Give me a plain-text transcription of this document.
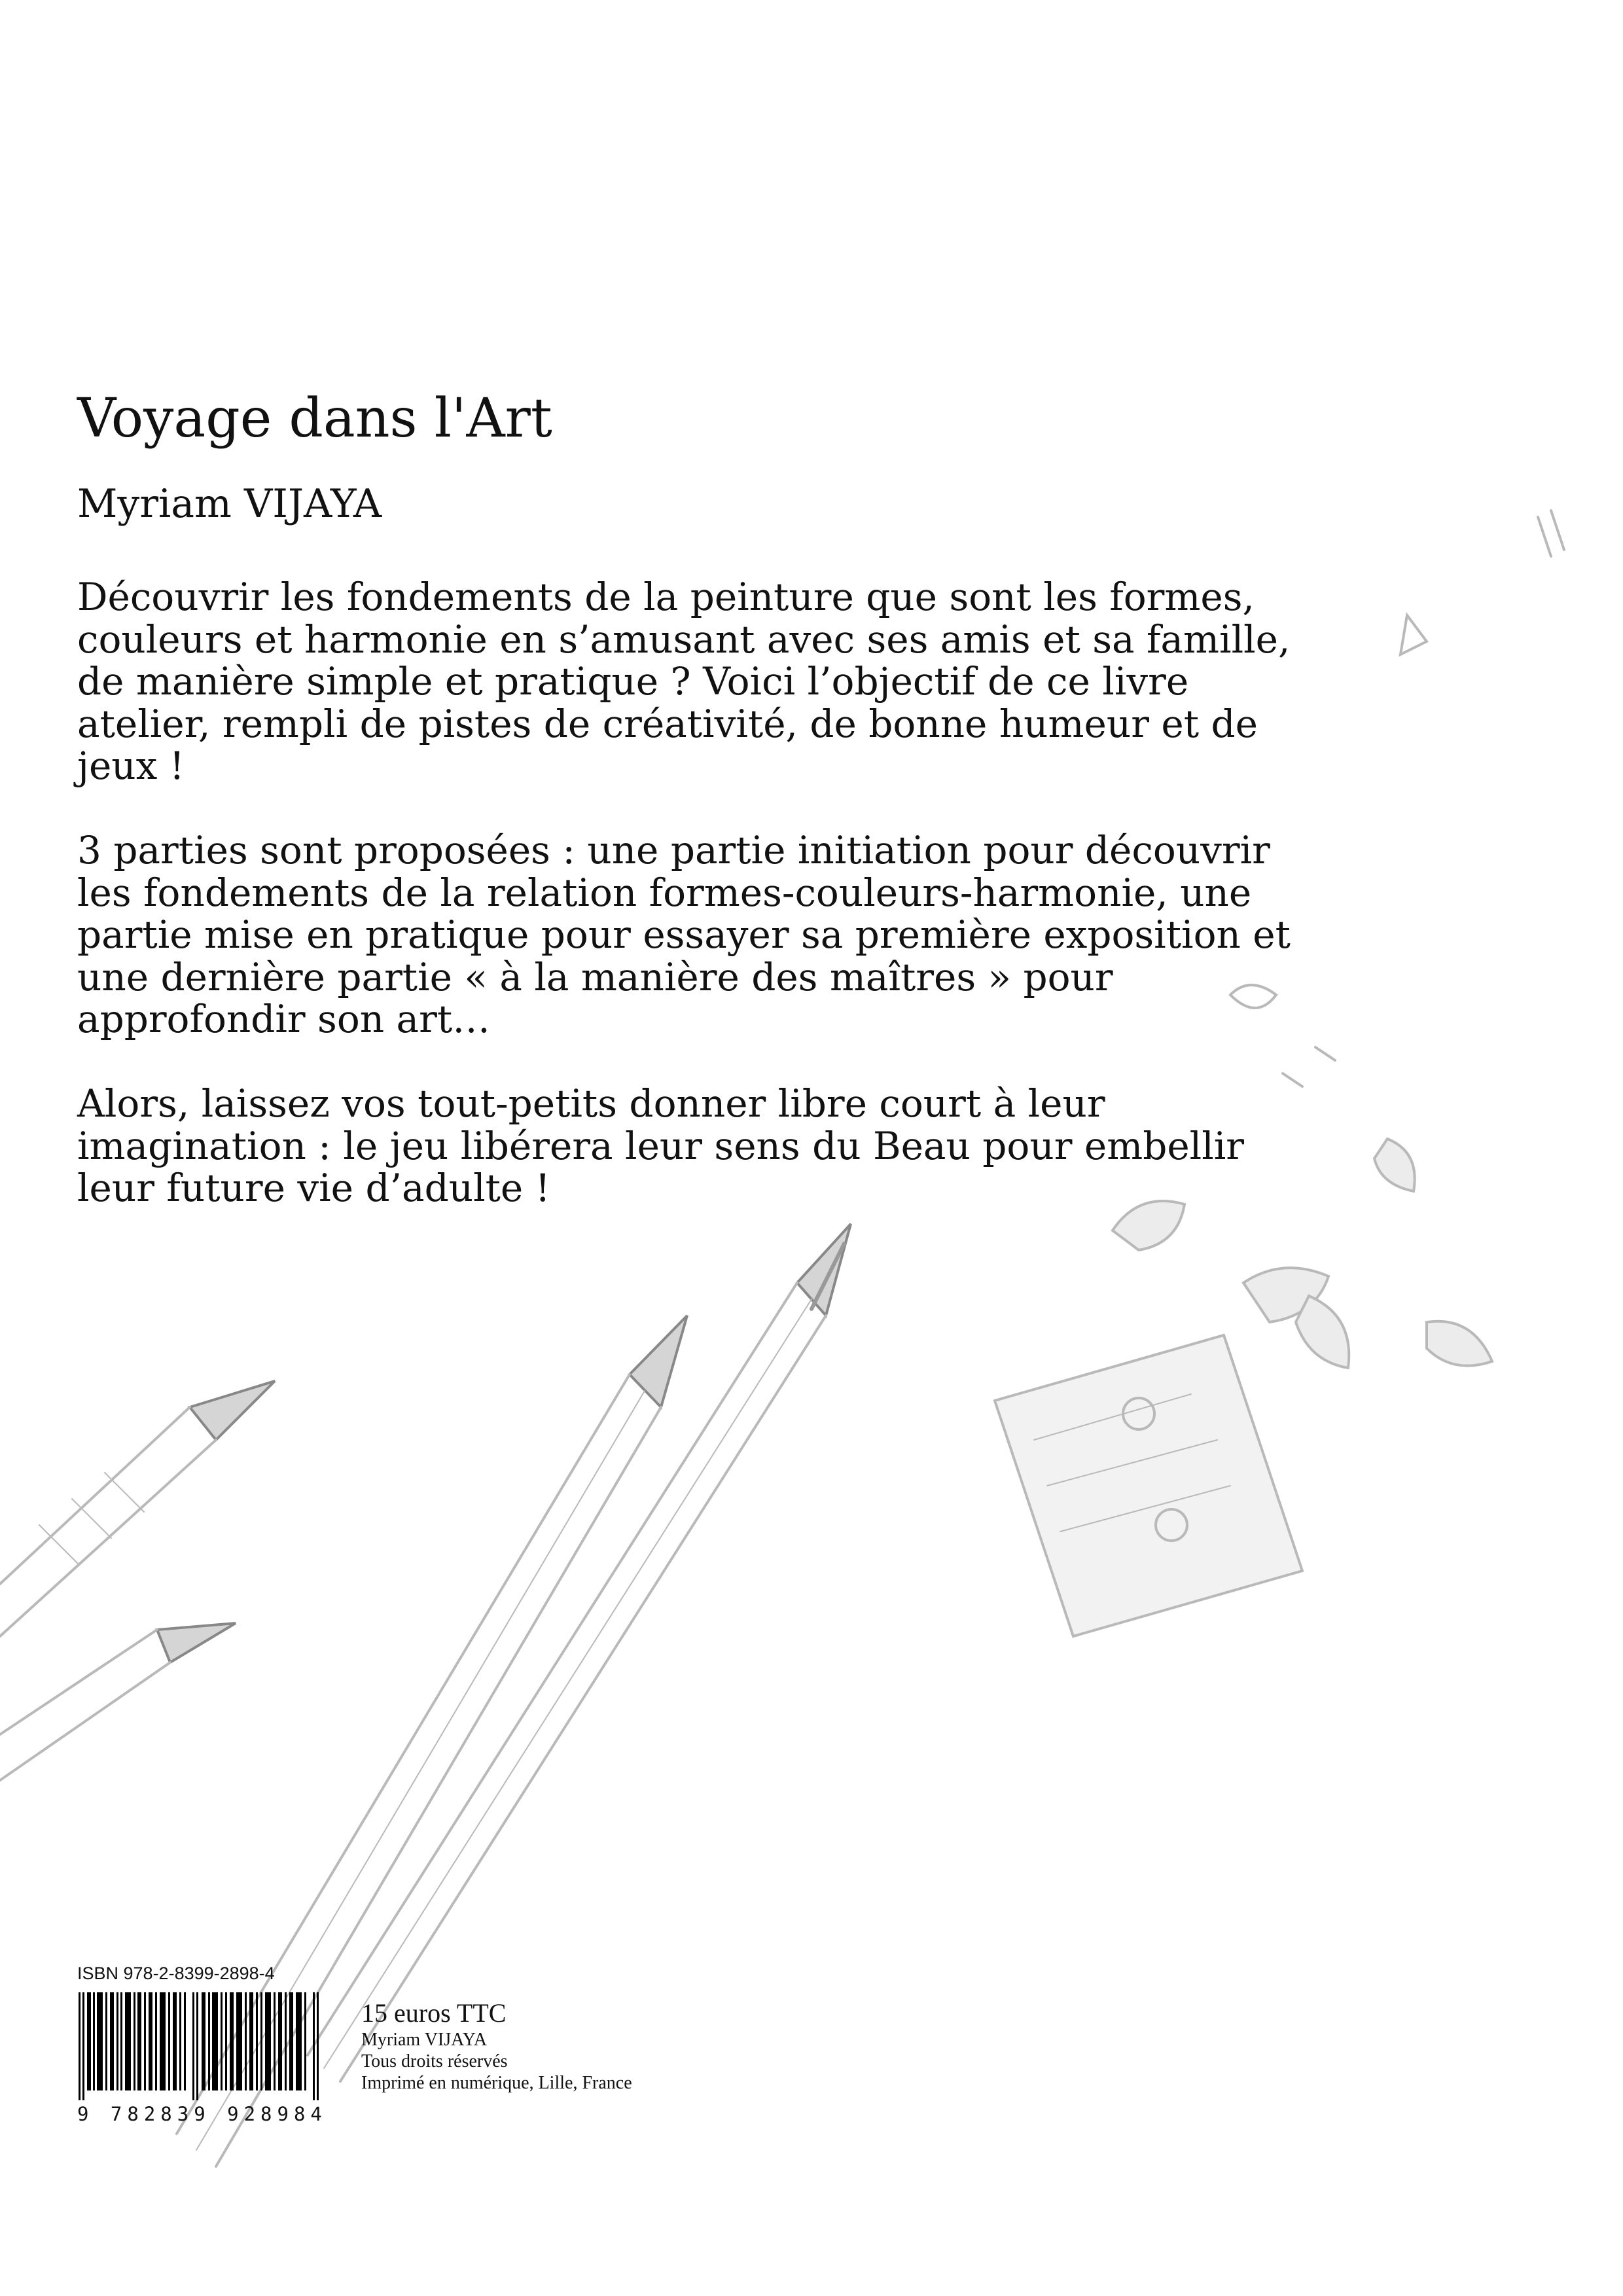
Voyage dans l'Art
Myriam VIJAYA

Découvrir les fondements de la peinture que sont les formes, couleurs et harmonie en s’amusant avec ses amis et sa famille, de manière simple et pratique ? Voici l’objectif de ce livre atelier, rempli de pistes de créativité, de bonne humeur et de jeux !

3 parties sont proposées : une partie initiation pour découvrir les fondements de la relation formes-couleurs-harmonie, une partie mise en pratique pour essayer sa première exposition et une dernière partie « à la manière des maîtres » pour approfondir son art…

Alors, laissez vos tout-petits donner libre court à leur imagination : le jeu libérera leur sens du Beau pour embellir leur future vie d’adulte !

ISBN 978-2-8399-2898-4
9 782839 928984
15 euros TTC
Myriam VIJAYA
Tous droits réservés
Imprimé en numérique, Lille, France
